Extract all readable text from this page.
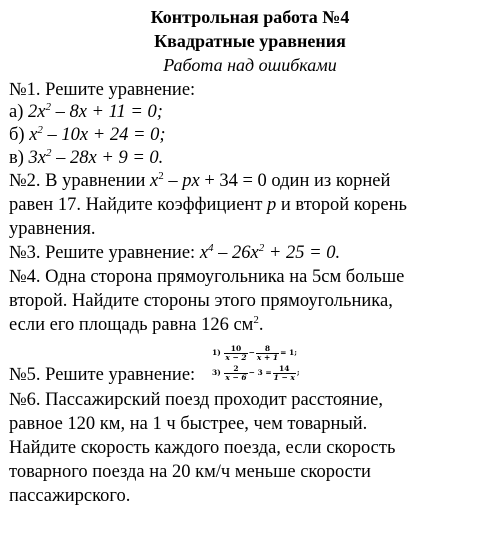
Контрольная работа №4
Квадратные уравнения
Работа над ошибками
№1. Решите уравнение:
а) $2x^2 - 8x + 11 = 0$;
б) $x^2 - 10x + 24 = 0$;
в) $3x^2 - 28x + 9 = 0$.
№2. В уравнении $x^2$ – px + 34 = 0 один из корней
равен 17. Найдите коэффициент p и второй корень
уравнения.
№3. Решите уравнение: $x^4 - 26x^2 + 25 = 0$.
№4. Одна сторона прямоугольника на 5см больше
второй. Найдите стороны этого прямоугольника,
если его площадь равна 126 $см^2$.
№5. Решите уравнение:
1)
$\frac{10}{x - 2} - \frac{8}{x + 1} = 1$;
3)
$\frac{2}{x - 6} - 3 = \frac{14}{1 - x}$ ;
№6. Пассажирский поезд проходит расстояние,
равное 120 км, на 1 ч быстрее, чем товарный.
Найдите скорость каждого поезда, если скорость
товарного поезда на 20 км/ч меньше скорости
пассажирского.
